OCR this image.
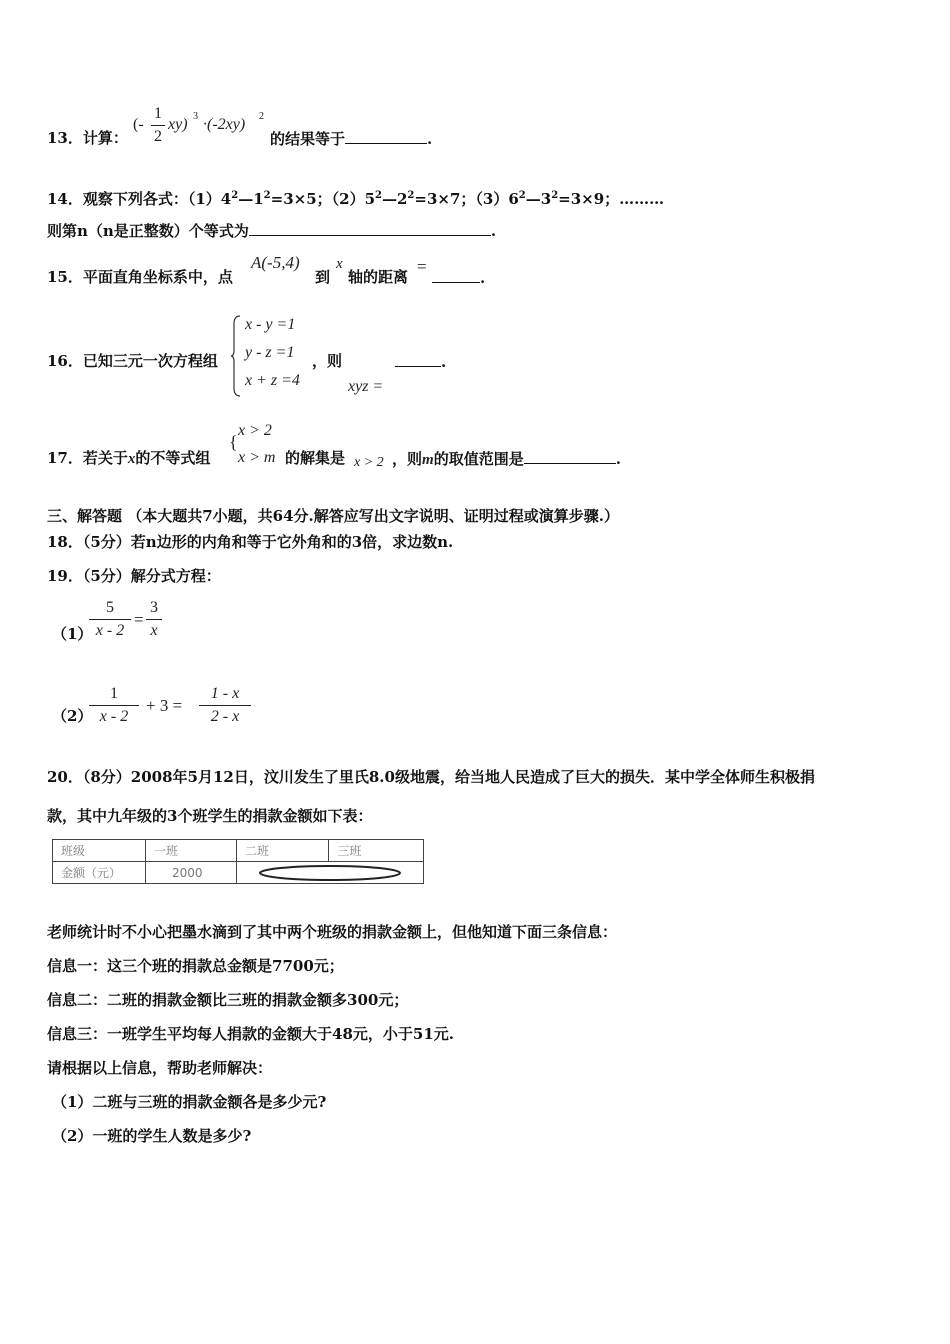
13．计算：
(-
1
2
xy) 3 ·(-2xy) 2
的结果等于	.
14．观察下列各式：$(1)4^2—1^2=3\times 5$；$(2)5^2—2^2=3\times 7$；$(3)6^2—3^2=3\times 9$；………
则第n（n是正整数）个等式为	.
15．平面直角坐标系中，点
A(-5,4)
到
x
轴的距离
=
.
16．已知三元一次方程组
x - y =1
y - z =1
x + z =4
，则	.
xyz =
17．若关于x的不等式组
{
x > 2
x > m 的解集是 x > 2 ，则m的取值范围是	.
三、解答题 （本大题共7小题，共64分.解答应写出文字说明、证明过程或演算步骤.）
18．（5分）若n边形的内角和等于它外角和的3倍，求边数n.
19．（5分）解分式方程：
（1）
5
x - 2
=
3
x
（2）
1
x - 2
+ 3 =
1 - x
2 - x
20．（8分）2008年5月12日，汶川发生了里氏8.0级地震，给当地人民造成了巨大的损失．某中学全体师生积极捐
款，其中九年级的3个班学生的捐款金额如下表：
班级	一班	二班	三班
金额（元）	2000	
老师统计时不小心把墨水滴到了其中两个班级的捐款金额上，但他知道下面三条信息：
信息一：这三个班的捐款总金额是7700元；
信息二：二班的捐款金额比三班的捐款金额多300元；
信息三：一班学生平均每人捐款的金额大于48元，小于51元.
请根据以上信息，帮助老师解决：
（1）二班与三班的捐款金额各是多少元?
（2）一班的学生人数是多少?
